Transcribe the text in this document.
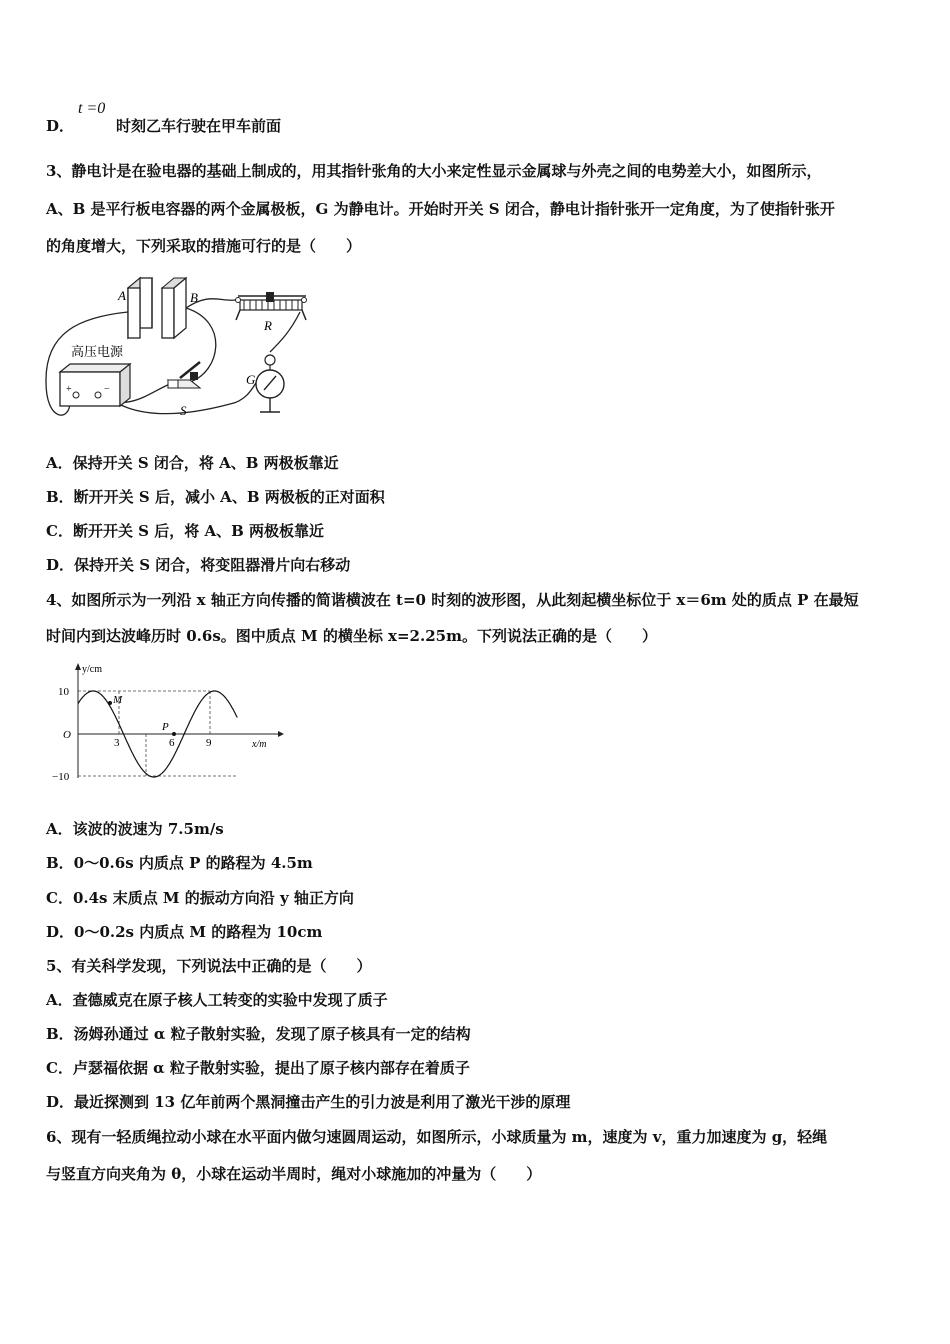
D．
t =0
时刻乙车行驶在甲车前面
3、静电计是在验电器的基础上制成的，用其指针张角的大小来定性显示金属球与外壳之间的电势差大小，如图所示，
A、B 是平行板电容器的两个金属极板，G 为静电计。开始时开关 S 闭合，静电计指针张开一定角度，为了使指针张开
的角度增大，下列采取的措施可行的是（　　）
A	B
R
G
高压电源
+	−
S
A．保持开关 S 闭合，将 A、B 两极板靠近
B．断开开关 S 后，减小 A、B 两极板的正对面积
C．断开开关 S 后，将 A、B 两极板靠近
D．保持开关 S 闭合，将变阻器滑片向右移动
4、如图所示为一列沿 x 轴正方向传播的简谐横波在 t=0 时刻的波形图，从此刻起横坐标位于 x＝6m 处的质点 P 在最短
时间内到达波峰历时 0.6s。图中质点 M 的横坐标 x=2.25m。下列说法正确的是（　　）
y/cm
x/m
O
10
−10
3	6	9
M
P
A．该波的波速为 7.5m/s
B．0～0.6s 内质点 P 的路程为 4.5m
C．0.4s 末质点 M 的振动方向沿 y 轴正方向
D．0～0.2s 内质点 M 的路程为 10cm
5、有关科学发现，下列说法中正确的是（　　）
A．查德威克在原子核人工转变的实验中发现了质子
B．汤姆孙通过 α 粒子散射实验，发现了原子核具有一定的结构
C．卢瑟福依据 α 粒子散射实验，提出了原子核内部存在着质子
D．最近探测到 13 亿年前两个黑洞撞击产生的引力波是利用了激光干涉的原理
6、现有一轻质绳拉动小球在水平面内做匀速圆周运动，如图所示，小球质量为 m，速度为 v，重力加速度为 g，轻绳
与竖直方向夹角为 θ，小球在运动半周时，绳对小球施加的冲量为（　　）
